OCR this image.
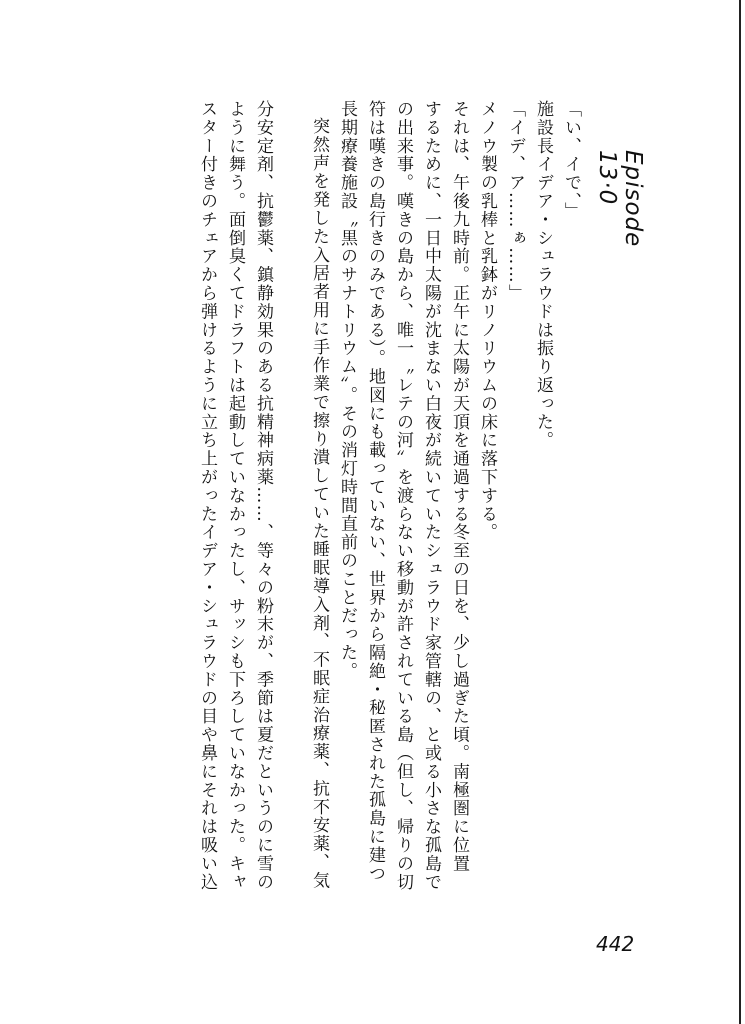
Episode 13·0

「い、イで、」

施設長イデア・シュラウドは振り返った。

「イデ、ア……ぁ……」

メノウ製の乳棒と乳鉢がリノリウムの床に落下する。

それは、午後九時前。正午に太陽が天頂を通過する冬至の日を、少し過ぎた頃。南極圏に位置

するために、一日中太陽が沈まない白夜が続いていたシュラウド家管轄の、と或る小さな孤島で

の出来事。嘆きの島から、唯一〝レテの河〟を渡らない移動が許されている島（但し、帰りの切

符は嘆きの島行きのみである）。地図にも載っていない、世界から隔絶・秘匿された孤島に建つ

長期療養施設〝黒のサナトリウム〟。その消灯時間直前のことだった。

突然声を発した入居者用に手作業で擦り潰していた睡眠導入剤、不眠症治療薬、抗不安薬、気

分安定剤、抗鬱薬、鎮静効果のある抗精神病薬……、等々の粉末が、季節は夏だというのに雪の

ように舞う。面倒臭くてドラフトは起動していなかったし、サッシも下ろしていなかった。キャ

スター付きのチェアから弾けるように立ち上がったイデア・シュラウドの目や鼻にそれは吸い込

442
